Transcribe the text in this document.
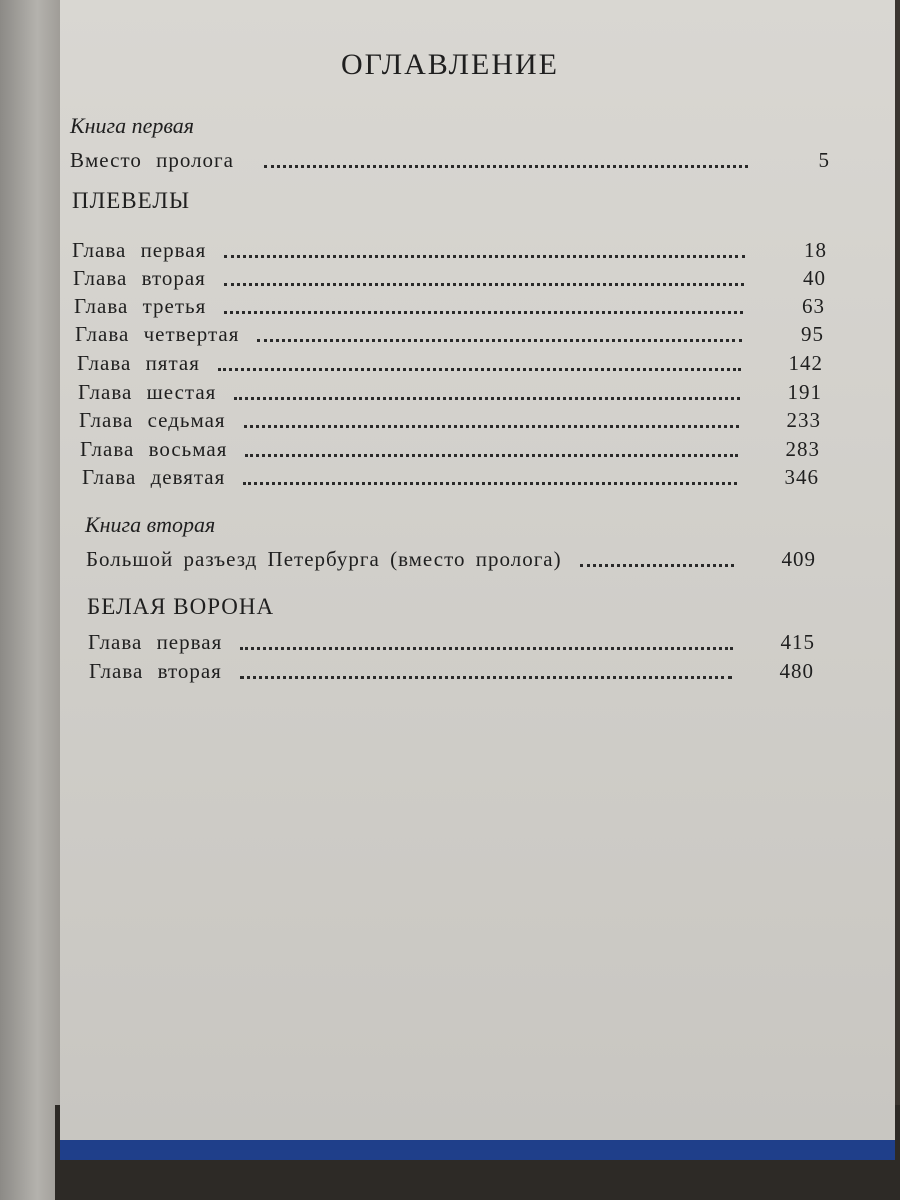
ОГЛАВЛЕНИЕ
Книга первая
Вместо пролога	5
ПЛЕВЕЛЫ
Глава первая	18
Глава вторая	40
Глава третья	63
Глава четвертая	95
Глава пятая	142
Глава шестая	191
Глава седьмая	233
Глава восьмая	283
Глава девятая	346
Книга вторая
Большой разъезд Петербурга (вместо пролога)	409
БЕЛАЯ ВОРОНА
Глава первая	415
Глава вторая	480
